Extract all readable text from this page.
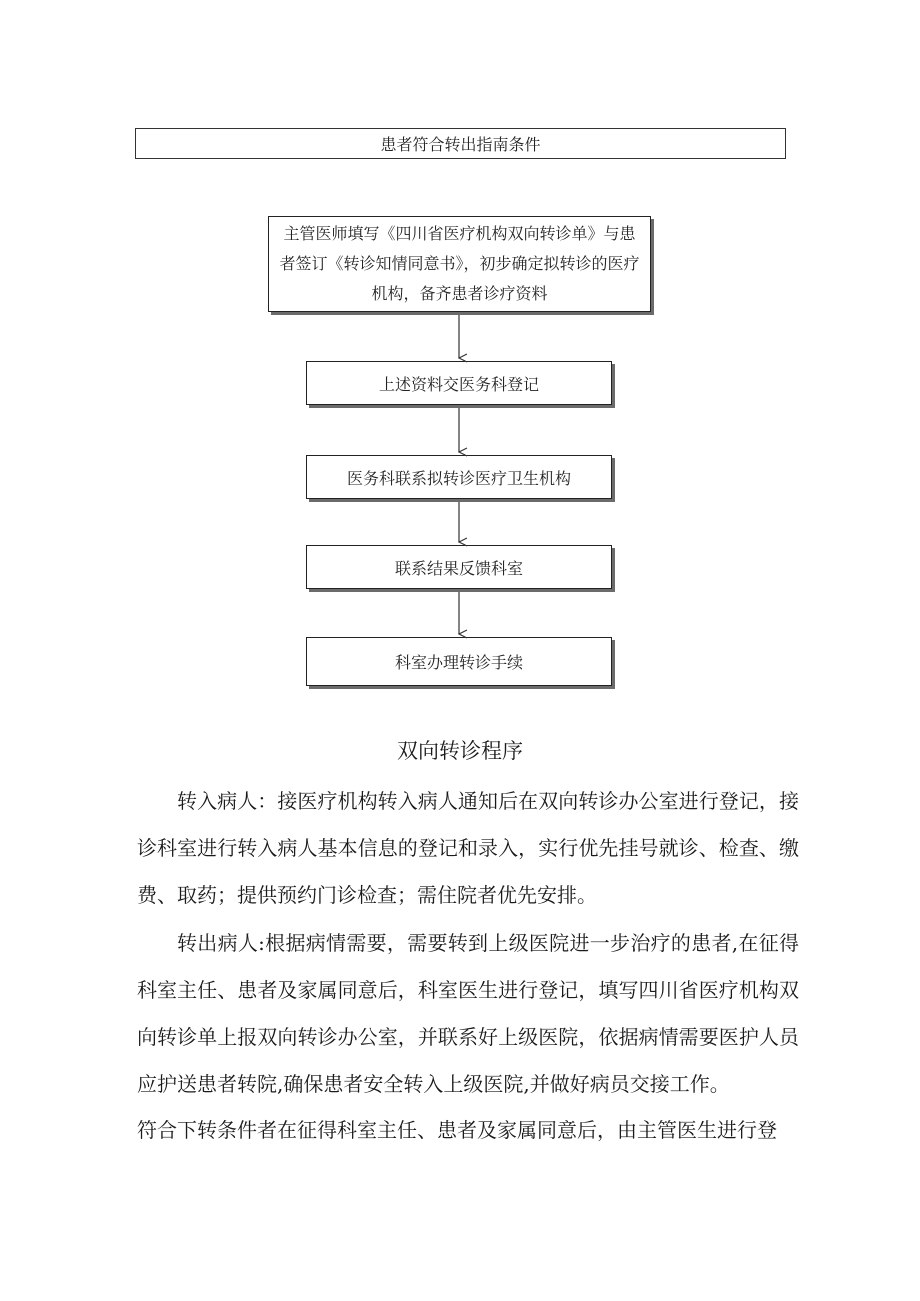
患者符合转出指南条件
主管医师填写《四川省医疗机构双向转诊单》与患者签订《转诊知情同意书》，初步确定拟转诊的医疗机构，备齐患者诊疗资料
上述资料交医务科登记
医务科联系拟转诊医疗卫生机构
联系结果反馈科室
科室办理转诊手续
双向转诊程序
转入病人：接医疗机构转入病人通知后在双向转诊办公室进行登记，接诊科室进行转入病人基本信息的登记和录入，实行优先挂号就诊、检查、缴费、取药；提供预约门诊检查；需住院者优先安排。
转出病人:根据病情需要，需要转到上级医院进一步治疗的患者,在征得科室主任、患者及家属同意后，科室医生进行登记，填写四川省医疗机构双向转诊单上报双向转诊办公室，并联系好上级医院，依据病情需要医护人员应护送患者转院,确保患者安全转入上级医院,并做好病员交接工作。
符合下转条件者在征得科室主任、患者及家属同意后，由主管医生进行登
